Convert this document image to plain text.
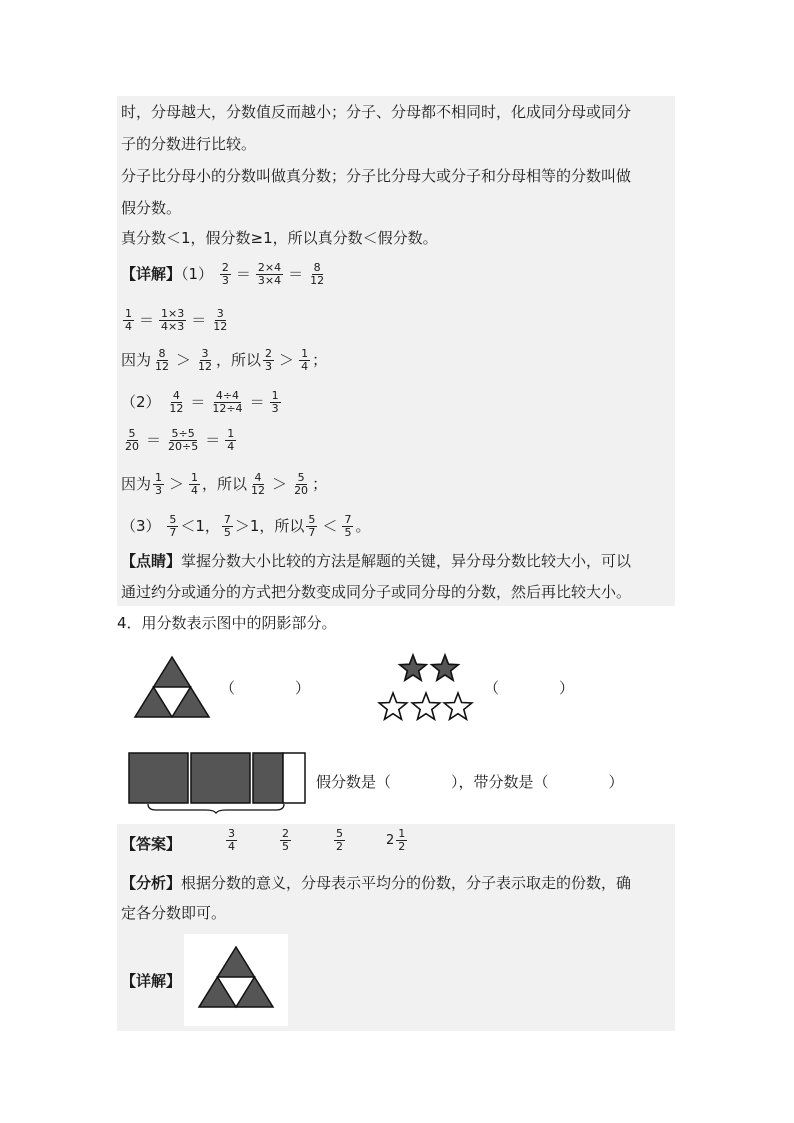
时，分母越大，分数值反而越小；分子、分母都不相同时，化成同分母或同分
子的分数进行比较。
分子比分母小的分数叫做真分数；分子比分母大或分子和分母相等的分数叫做
假分数。
真分数＜1，假分数≥1，所以真分数＜假分数。
【详解】$(1) \frac{2}{3} = \frac{2\times 4}{3\times 4} = \frac{8}{12}$
$\frac{1}{4} = \frac{1\times 3}{4\times 3} = \frac{3}{12}$
因为 $\frac{8}{12} > \frac{3}{12}$ ，所以 $\frac{2}{3} > \frac{1}{4}$ ；
$(2) \frac{4}{12} = \frac{4\div 4}{12\div 4} = \frac{1}{3}$
$\frac{5}{20} = \frac{5\div 5}{20\div 5} = \frac{1}{4}$
因为 $\frac{1}{3} > \frac{1}{4}$ ，所以 $\frac{4}{12} > \frac{5}{20}$ ；
$(3) \frac{5}{7} <1$， $\frac{7}{5} >1$，所以 $\frac{5}{7} < \frac{7}{5}$ 。
【点睛】掌握分数大小比较的方法是解题的关键，异分母分数比较大小，可以
通过约分或通分的方式把分数变成同分子或同分母的分数，然后再比较大小。
4．用分数表示图中的阴影部分。
（　　　　）	（　　　　）
假分数是（　　　　），带分数是（　　　　）
【答案】	$\frac{3}{4}$	$\frac{2}{5}$	$\frac{5}{2}$	$2 \frac{1}{2}$
【分析】根据分数的意义，分母表示平均分的份数，分子表示取走的份数，确
定各分数即可。
【详解】
